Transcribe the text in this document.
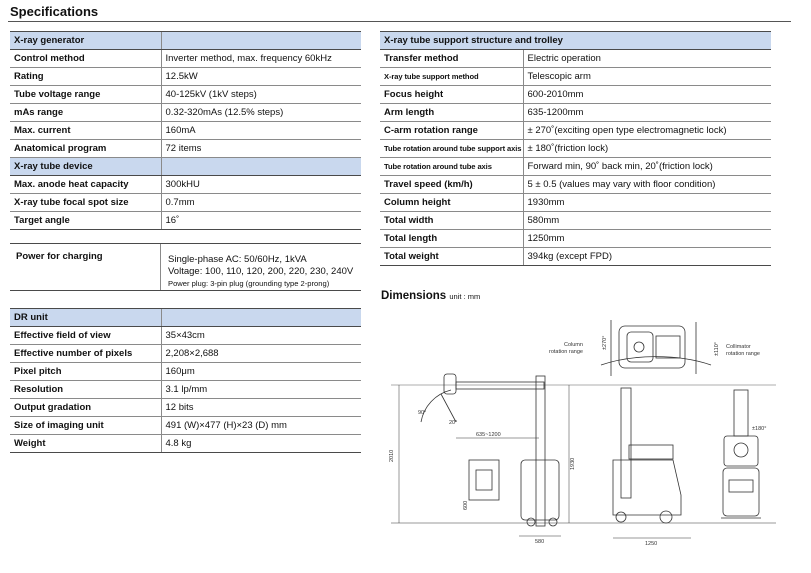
Specifications
X-ray generator	
Control method	Inverter method, max. frequency 60kHz
Rating	12.5kW
Tube voltage range	40-125kV (1kV steps)
mAs range	0.32-320mAs (12.5% steps)
Max. current	160mA
Anatomical program	72 items
X-ray tube device	
Max. anode heat capacity	300kHU
X-ray tube focal spot size	0.7mm
Target angle	16˚
Power for charging	Single-phase AC: 50/60Hz, 1kVA
Voltage: 100, 110, 120, 200, 220, 230, 240V
Power plug: 3-pin plug (grounding type 2-prong)
DR unit	
Effective field of view	35×43cm
Effective number of pixels	2,208×2,688
Pixel pitch	160μm
Resolution	3.1 lp/mm
Output gradation	12 bits
Size of imaging unit	491 (W)×477 (H)×23 (D) mm
Weight	4.8 kg
X-ray tube support structure and trolley	
Transfer method	Electric operation
X-ray tube support method	Telescopic arm
Focus height	600-2010mm
Arm length	635-1200mm
C-arm rotation range	± 270˚(exciting open type electromagnetic lock)
Tube rotation around tube support axis	± 180˚(friction lock)
Tube rotation around tube axis	Forward min, 90˚ back min, 20˚(friction lock)
Travel speed (km/h)	5 ± 0.5 (values may vary with floor condition)
Column height	1930mm
Total width	580mm
Total length	1250mm
Total weight	394kg (except FPD)
Dimensions unit : mm
Column
rotation range
±270°	±110° Collimator
rotation range
90°
20°
635~1200
2010
1930
600
580	1250
±180°
